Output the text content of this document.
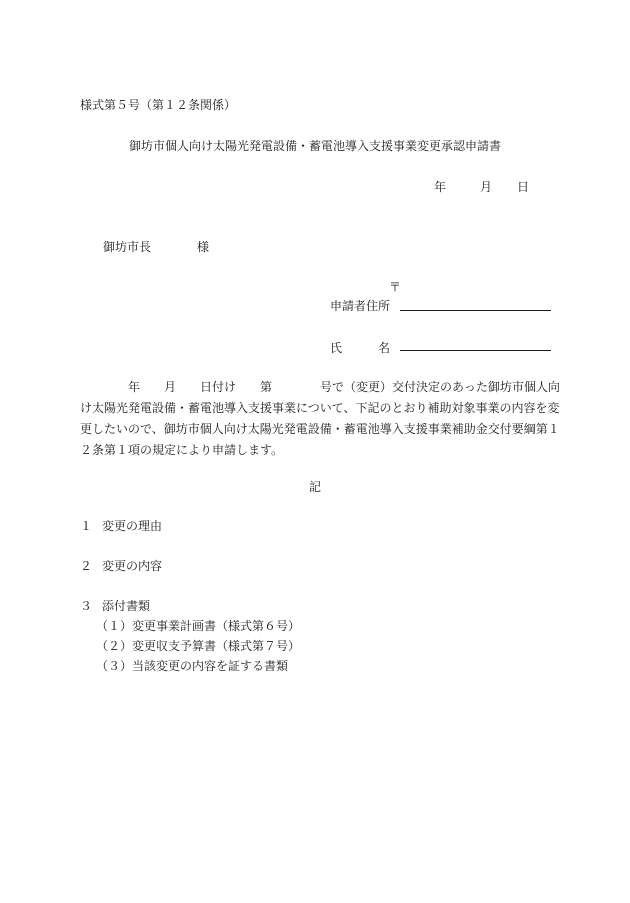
様式第５号（第１２条関係）
御坊市個人向け太陽光発電設備・蓄電池導入支援事業変更承認申請書
年	月 日
御坊市長	様
〒
申請者住所
氏　　　名

　　　　年　　月　　日付け　　第　　　　号で（変更）交付決定のあった御坊市個人向

け太陽光発電設備・蓄電池導入支援事業について、下記のとおり補助対象事業の内容を変

更したいので、御坊市個人向け太陽光発電設備・蓄電池導入支援事業補助金交付要綱第１

２条第１項の規定により申請します。

記
１ 変更の理由
２ 変更の内容
３ 添付書類
（１）変更事業計画書（様式第６号）
（２）変更収支予算書（様式第７号）
（３）当該変更の内容を証する書類
